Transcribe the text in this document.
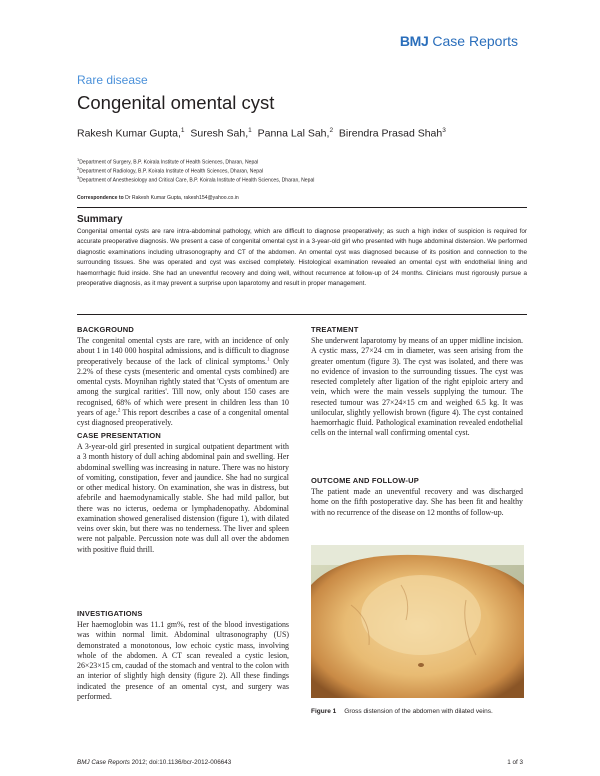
BMJ Case Reports
Rare disease
Congenital omental cyst
Rakesh Kumar Gupta,$^1$ Suresh Sah,$^1$ Panna Lal Sah,$^2$ Birendra Prasad Shah$^3$
$^1$Department of Surgery, B.P. Koirala Institute of Health Sciences, Dharan, Nepal
$^2$Department of Radiology, B.P. Koirala Institute of Health Sciences, Dharan, Nepal
$^3$Department of Anesthesiology and Critical Care, B.P. Koirala Institute of Health Sciences, Dharan, Nepal
Correspondence to Dr Rakesh Kumar Gupta, rakesh154@yahoo.co.in
Summary
Congenital omental cysts are rare intra-abdominal pathology, which are difficult to diagnose preoperatively; as such a high index of suspicion is required for accurate preoperative diagnosis. We present a case of congenital omental cyst in a 3-year-old girl who presented with huge abdominal distension. We performed diagnostic examinations including ultrasonography and CT of the abdomen. An omental cyst was diagnosed because of its position and connection to the surrounding tissues. She was operated and cyst was excised completely. Histological examination revealed an omental cyst with endothelial lining and haemorrhagic fluid inside. She had an uneventful recovery and doing well, without recurrence at follow-up of 24 months. Clinicians must rigorously pursue a preoperative diagnosis, as it may prevent a surprise upon laparotomy and result in proper management.
BACKGROUND
The congenital omental cysts are rare, with an incidence of only about 1 in 140 000 hospital admissions, and is difficult to diagnose preoperatively because of the lack of clinical symptoms.$^1$ Only 2.2% of these cysts (mesenteric and omental cysts combined) are omental cysts. Moynihan rightly stated that 'Cysts of omentum are among the surgical rarities'. Till now, only about 150 cases are recognised, 68% of which were present in children less than 10 years of age.$^2$ This report describes a case of a congenital omental cyst diagnosed preoperatively.
CASE PRESENTATION
A 3-year-old girl presented in surgical outpatient department with a 3 month history of dull aching abdominal pain and swelling. Her abdominal swelling was increasing in nature. There was no history of vomiting, constipation, fever and jaundice. She had no surgical or other medical history. On examination, she was in distress, but afebrile and haemodynamically stable. She had mild pallor, but there was no icterus, oedema or lymphadenopathy. Abdominal examination showed generalised distension (figure 1), with dilated veins over skin, but there was no tenderness. The liver and spleen were not palpable. Percussion note was dull all over the abdomen with positive fluid thrill.
INVESTIGATIONS
Her haemoglobin was 11.1 gm%, rest of the blood investigations was within normal limit. Abdominal ultrasonography (US) demonstrated a monotonous, low echoic cystic mass, involving whole of the abdomen. A CT scan revealed a cystic lesion, 26×23×15 cm, caudad of the stomach and ventral to the colon with an interior of slightly high density (figure 2). All these findings indicated the presence of an omental cyst, and surgery was performed.
TREATMENT
She underwent laparotomy by means of an upper midline incision. A cystic mass, 27×24 cm in diameter, was seen arising from the greater omentum (figure 3). The cyst was isolated, and there was no evidence of invasion to the surrounding tissues. The cyst was resected completely after ligation of the right epiploic artery and vein, which were the main vessels supplying the tumour. The resected tumour was 27×24×15 cm and weighed 6.5 kg. It was unilocular, slightly yellowish brown (figure 4). The cyst contained haemorrhagic fluid. Pathological examination revealed endothelial cells on the internal wall confirming omental cyst.
OUTCOME AND FOLLOW-UP
The patient made an uneventful recovery and was discharged home on the fifth postoperative day. She has been fit and healthy with no recurrence of the disease on 12 months of follow-up.
Figure 1 Gross distension of the abdomen with dilated veins.
BMJ Case Reports 2012; doi:10.1136/bcr-2012-006643	1 of 3
